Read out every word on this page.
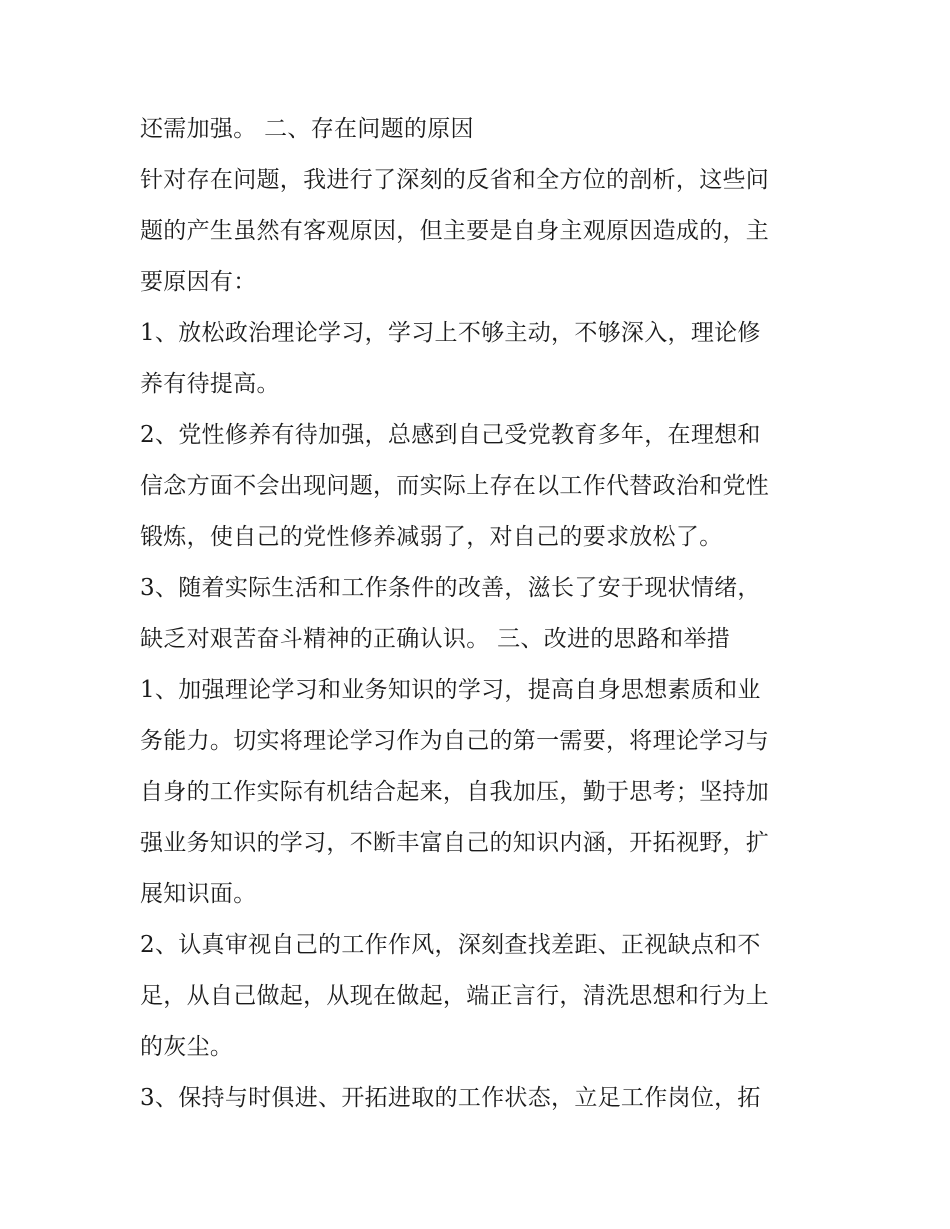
还需加强。 二、存在问题的原因
针对存在问题，我进行了深刻的反省和全方位的剖析，这些问
题的产生虽然有客观原因，但主要是自身主观原因造成的，主
要原因有：
1、放松政治理论学习，学习上不够主动，不够深入，理论修
养有待提高。
2、党性修养有待加强，总感到自己受党教育多年，在理想和
信念方面不会出现问题，而实际上存在以工作代替政治和党性
锻炼，使自己的党性修养减弱了，对自己的要求放松了。
3、随着实际生活和工作条件的改善，滋长了安于现状情绪，
缺乏对艰苦奋斗精神的正确认识。 三、改进的思路和举措
1、加强理论学习和业务知识的学习，提高自身思想素质和业
务能力。切实将理论学习作为自己的第一需要，将理论学习与
自身的工作实际有机结合起来，自我加压，勤于思考；坚持加
强业务知识的学习，不断丰富自己的知识内涵，开拓视野，扩
展知识面。
2、认真审视自己的工作作风，深刻查找差距、正视缺点和不
足，从自己做起，从现在做起，端正言行，清洗思想和行为上
的灰尘。
3、保持与时俱进、开拓进取的工作状态，立足工作岗位，拓
